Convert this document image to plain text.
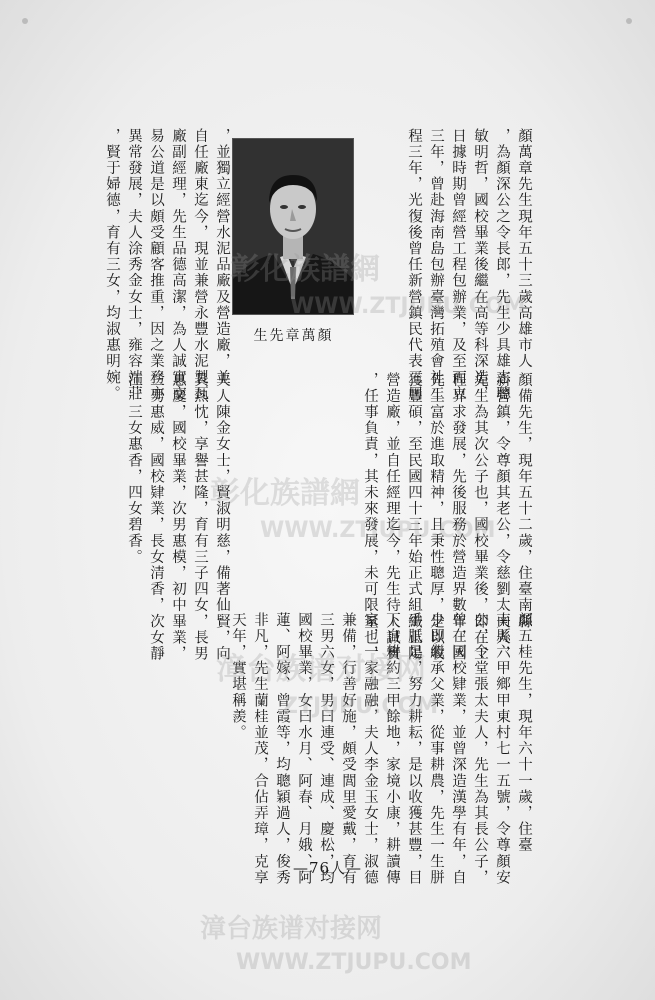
顏萬章先生現年五十三歲高雄市人
，為顏深公之令長郎，先生少具雄志聰
敏明哲，國校畢業後繼在高等科深造，
日據時期曾經營工程包辦業，及至而立
三年，曾赴海南島包辦臺灣拓殖會社工
程三年，光復後曾任新營鎮民代表三屆
，並獨立經營水泥品廠及營造廠，並
自任廠東迄今，現並兼營永豐水泥製瓦
廠副經理，先生品德高潔，為人誠實交
易公道是以頗受顧客推重，因之業務亦
異常發展，夫人涂秀金女士，雍容端莊
，賢于婦德，育有三女，均淑惠明婉。	生先章萬顏
顏備先生，現年五十二歲，住臺南縣
新營鎮，令尊顏其老公，令慈劉太夫人，
先生為其次公子也，國校畢業後，即在工
程界求發展，先後服務於營造界數年，因
先生富於進取精神，且秉性聰厚，是以收
獲豐碩，至民國四十三年始正式組織正陽
營造廠，並自任經理迄今，先生待人誠實
，任事負責，其未來發展，未可限量也，
夫人陳金女士，賢淑明慈，備著仙賢，向
具熱忱，享譽甚隆，育有三子四女，長男
惠慶，國校畢業，次男惠模，初中畢業，
三男惠威，國校肄業，長女清香，次女靜
江，三女惠香，四女碧香。
顏五桂先生，現年六十一歲，住臺
南縣六甲鄉甲東村七一五號，令尊顏安
公，令堂張太夫人，先生為其長公子，
曾在國校肄業，並曾深造漢學有年，自
少即繼承父業，從事耕農，先生一生胼
手胝足，努力耕耘，是以收獲甚豐，目
下自耕約三甲餘地，家境小康，耕讀傳
家，一家融融，夫人李金玉女士，淑德
兼備，行善好施，頗受閭里愛戴，育有
三男六女，男曰連受、連成、慶松，均
國校畢業，女曰水月、阿春、月娥、阿
蓮、阿嫁、曾霞等，均聰穎過人，俊秀
非凡，先生蘭桂並茂，合佔弄璋，克享
天年，實堪稱羨。
—76人—
彰化族譜網
WWW.ZTJUPU.COM
彰化族譜網
WWW.ZTJUPU.COM
漳台族谱对接网
ZTJUPU.COM
漳台族谱对接网
WWW.ZTJUPU.COM
